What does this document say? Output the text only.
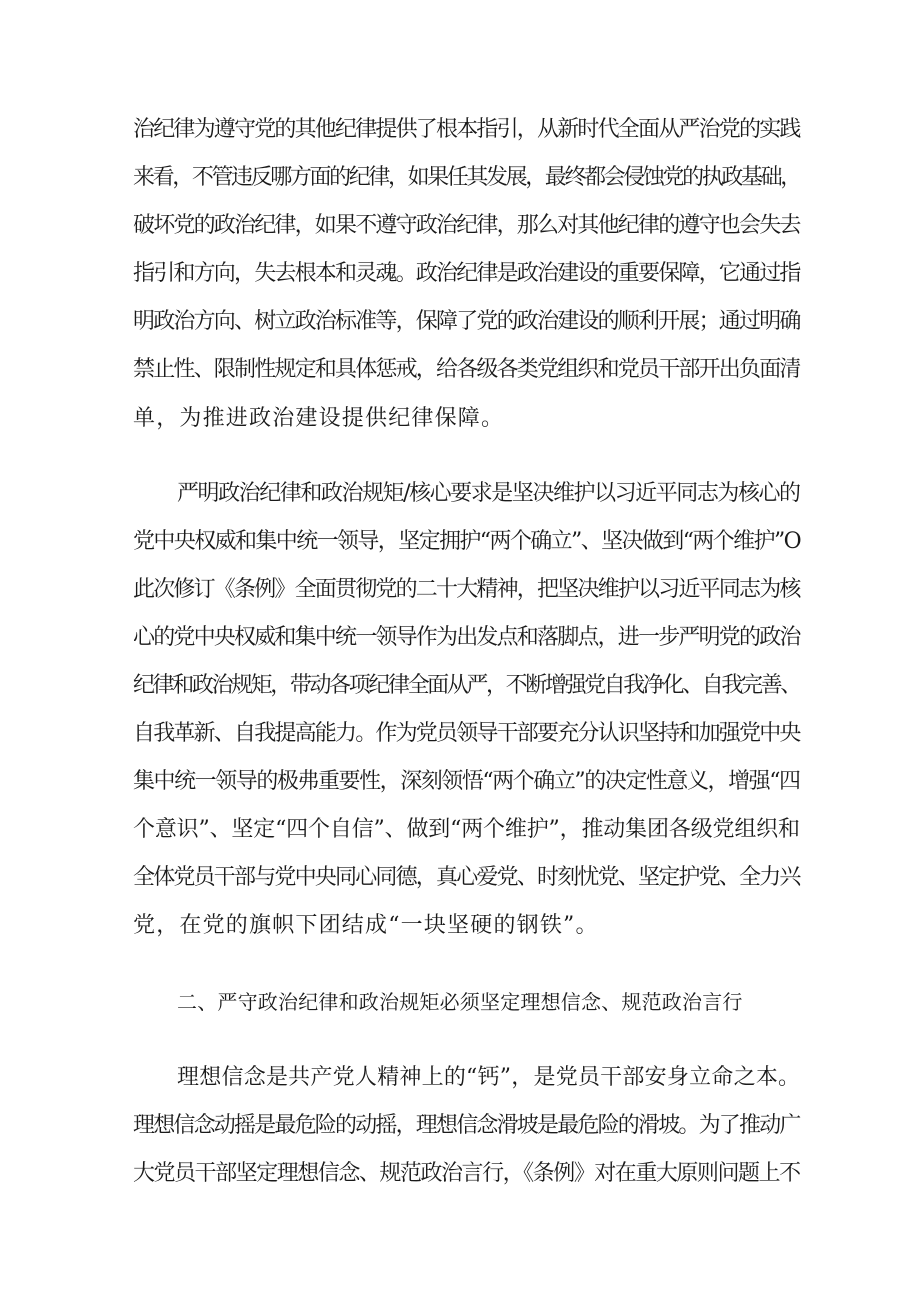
治纪律为遵守党的其他纪律提供了根本指引，从新时代全面从严治党的实践
来看，不管违反哪方面的纪律，如果任其发展，最终都会侵蚀党的执政基础，
破坏党的政治纪律，如果不遵守政治纪律，那么对其他纪律的遵守也会失去
指引和方向，失去根本和灵魂。政治纪律是政治建设的重要保障，它通过指
明政治方向、树立政治标准等，保障了党的政治建设的顺利开展；通过明确
禁止性、限制性规定和具体惩戒，给各级各类党组织和党员干部开出负面清
单，为推进政治建设提供纪律保障。
严明政治纪律和政治规矩/核心要求是坚决维护以习近平同志为核心的
党中央权威和集中统一领导，坚定拥护“两个确立”、坚决做到“两个维护”O
此次修订《条例》全面贯彻党的二十大精神，把坚决维护以习近平同志为核
心的党中央权威和集中统一领导作为出发点和落脚点，进一步严明党的政治
纪律和政治规矩，带动各项纪律全面从严，不断增强党自我净化、自我完善、
自我革新、自我提高能力。作为党员领导干部要充分认识坚持和加强党中央
集中统一领导的极弗重要性，深刻领悟“两个确立”的决定性意义，增强“四
个意识”、坚定“四个自信”、做到“两个维护”，推动集团各级党组织和
全体党员干部与党中央同心同德，真心爱党、时刻忧党、坚定护党、全力兴
党，在党的旗帜下团结成“一块坚硬的钢铁”。
二、严守政治纪律和政治规矩必须坚定理想信念、规范政治言行
理想信念是共产党人精神上的“钙”，是党员干部安身立命之本。
理想信念动摇是最危险的动摇，理想信念滑坡是最危险的滑坡。为了推动广
大党员干部坚定理想信念、规范政治言行，《条例》对在重大原则问题上不
